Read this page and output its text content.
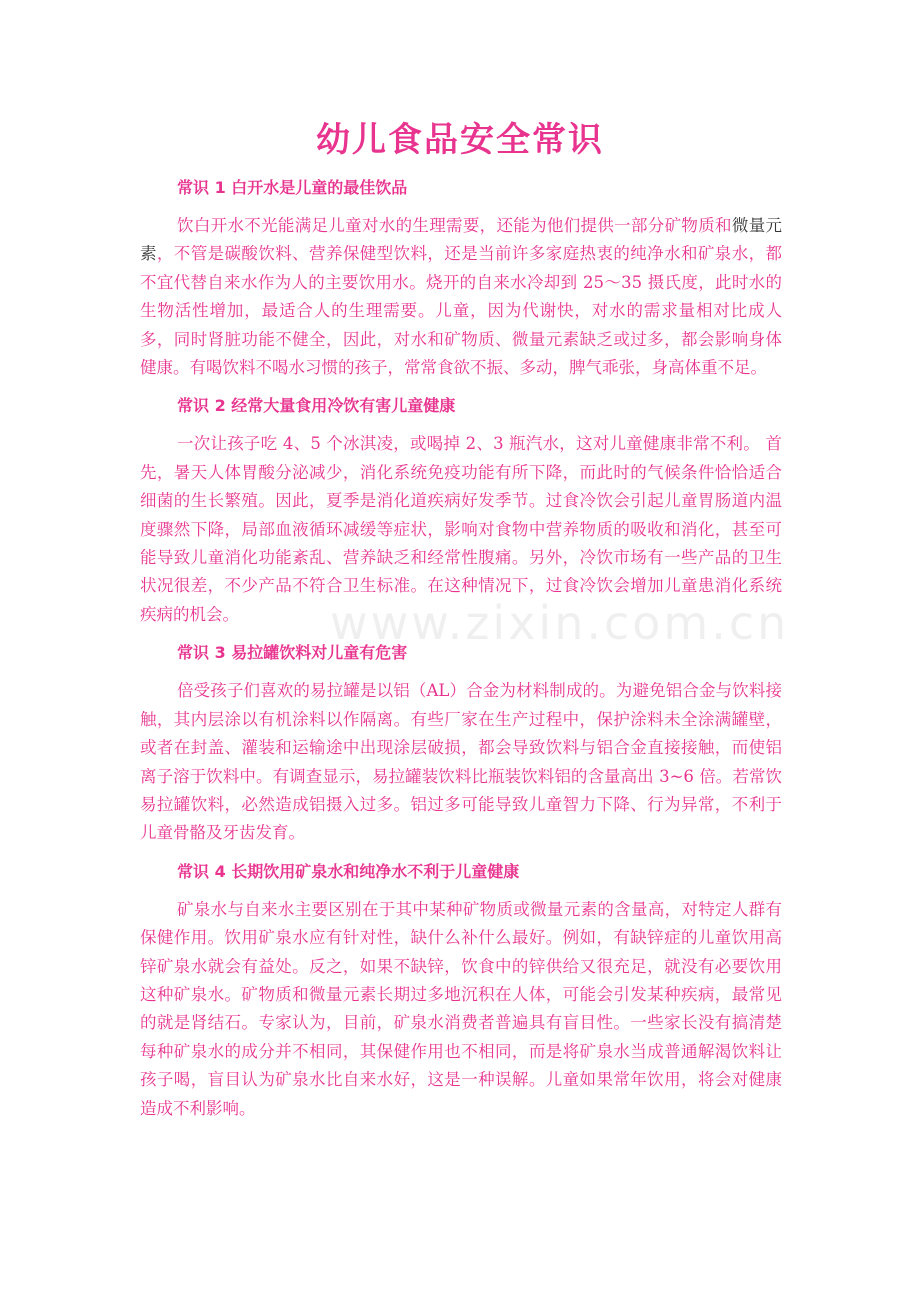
幼儿食品安全常识
www.zixin.com.cn
常识 1 白开水是儿童的最佳饮品

饮白开水不光能满足儿童对水的生理需要，还能为他们提供一部分矿物质和微量元素，不管是碳酸饮料、营养保健型饮料，还是当前许多家庭热衷的纯净水和矿泉水，都不宜代替自来水作为人的主要饮用水。烧开的自来水冷却到 25～35 摄氏度，此时水的生物活性增加，最适合人的生理需要。儿童，因为代谢快，对水的需求量相对比成人多，同时肾脏功能不健全，因此，对水和矿物质、微量元素缺乏或过多，都会影响身体健康。有喝饮料不喝水习惯的孩子，常常食欲不振、多动，脾气乖张，身高体重不足。

常识 2 经常大量食用冷饮有害儿童健康

一次让孩子吃 4、5 个冰淇凌，或喝掉 2、3 瓶汽水，这对儿童健康非常不利。 首先，暑天人体胃酸分泌减少，消化系统免疫功能有所下降，而此时的气候条件恰恰适合细菌的生长繁殖。因此，夏季是消化道疾病好发季节。过食冷饮会引起儿童胃肠道内温度骤然下降，局部血液循环减缓等症状，影响对食物中营养物质的吸收和消化，甚至可能导致儿童消化功能紊乱、营养缺乏和经常性腹痛。另外，冷饮市场有一些产品的卫生状况很差，不少产品不符合卫生标准。在这种情况下，过食冷饮会增加儿童患消化系统疾病的机会。

常识 3 易拉罐饮料对儿童有危害

倍受孩子们喜欢的易拉罐是以铝（AL）合金为材料制成的。为避免铝合金与饮料接触，其内层涂以有机涂料以作隔离。有些厂家在生产过程中，保护涂料未全涂满罐壁，或者在封盖、灌装和运输途中出现涂层破损，都会导致饮料与铝合金直接接触，而使铝离子溶于饮料中。有调查显示，易拉罐装饮料比瓶装饮料铝的含量高出 3~6 倍。若常饮易拉罐饮料，必然造成铝摄入过多。铝过多可能导致儿童智力下降、行为异常，不利于儿童骨骼及牙齿发育。

常识 4 长期饮用矿泉水和纯净水不利于儿童健康

矿泉水与自来水主要区别在于其中某种矿物质或微量元素的含量高，对特定人群有保健作用。饮用矿泉水应有针对性，缺什么补什么最好。例如，有缺锌症的儿童饮用高锌矿泉水就会有益处。反之，如果不缺锌，饮食中的锌供给又很充足，就没有必要饮用这种矿泉水。矿物质和微量元素长期过多地沉积在人体，可能会引发某种疾病，最常见的就是肾结石。专家认为，目前，矿泉水消费者普遍具有盲目性。一些家长没有搞清楚每种矿泉水的成分并不相同，其保健作用也不相同，而是将矿泉水当成普通解渴饮料让孩子喝，盲目认为矿泉水比自来水好，这是一种误解。儿童如果常年饮用，将会对健康造成不利影响。
